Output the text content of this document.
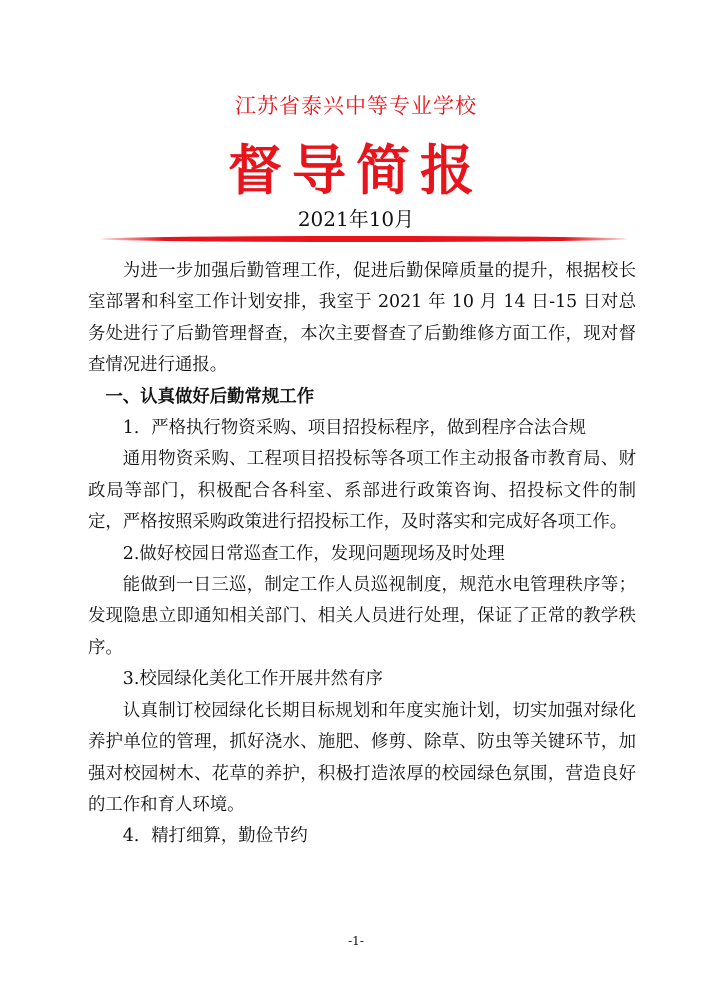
江苏省泰兴中等专业学校
督导简报
2021年10月

为进一步加强后勤管理工作，促进后勤保障质量的提升，根据校长室部署和科室工作计划安排，我室于 2021 年 10 月 14 日-15 日对总务处进行了后勤管理督查，本次主要督查了后勤维修方面工作，现对督查情况进行通报。

一、认真做好后勤常规工作

1．严格执行物资采购、项目招投标程序，做到程序合法合规

通用物资采购、工程项目招投标等各项工作主动报备市教育局、财政局等部门，积极配合各科室、系部进行政策咨询、招投标文件的制定，严格按照采购政策进行招投标工作，及时落实和完成好各项工作。

2.做好校园日常巡查工作，发现问题现场及时处理

能做到一日三巡，制定工作人员巡视制度，规范水电管理秩序等；发现隐患立即通知相关部门、相关人员进行处理，保证了正常的教学秩序。

3.校园绿化美化工作开展井然有序

认真制订校园绿化长期目标规划和年度实施计划，切实加强对绿化养护单位的管理，抓好浇水、施肥、修剪、除草、防虫等关键环节，加强对校园树木、花草的养护，积极打造浓厚的校园绿色氛围，营造良好的工作和育人环境。

4．精打细算，勤俭节约

-1-
